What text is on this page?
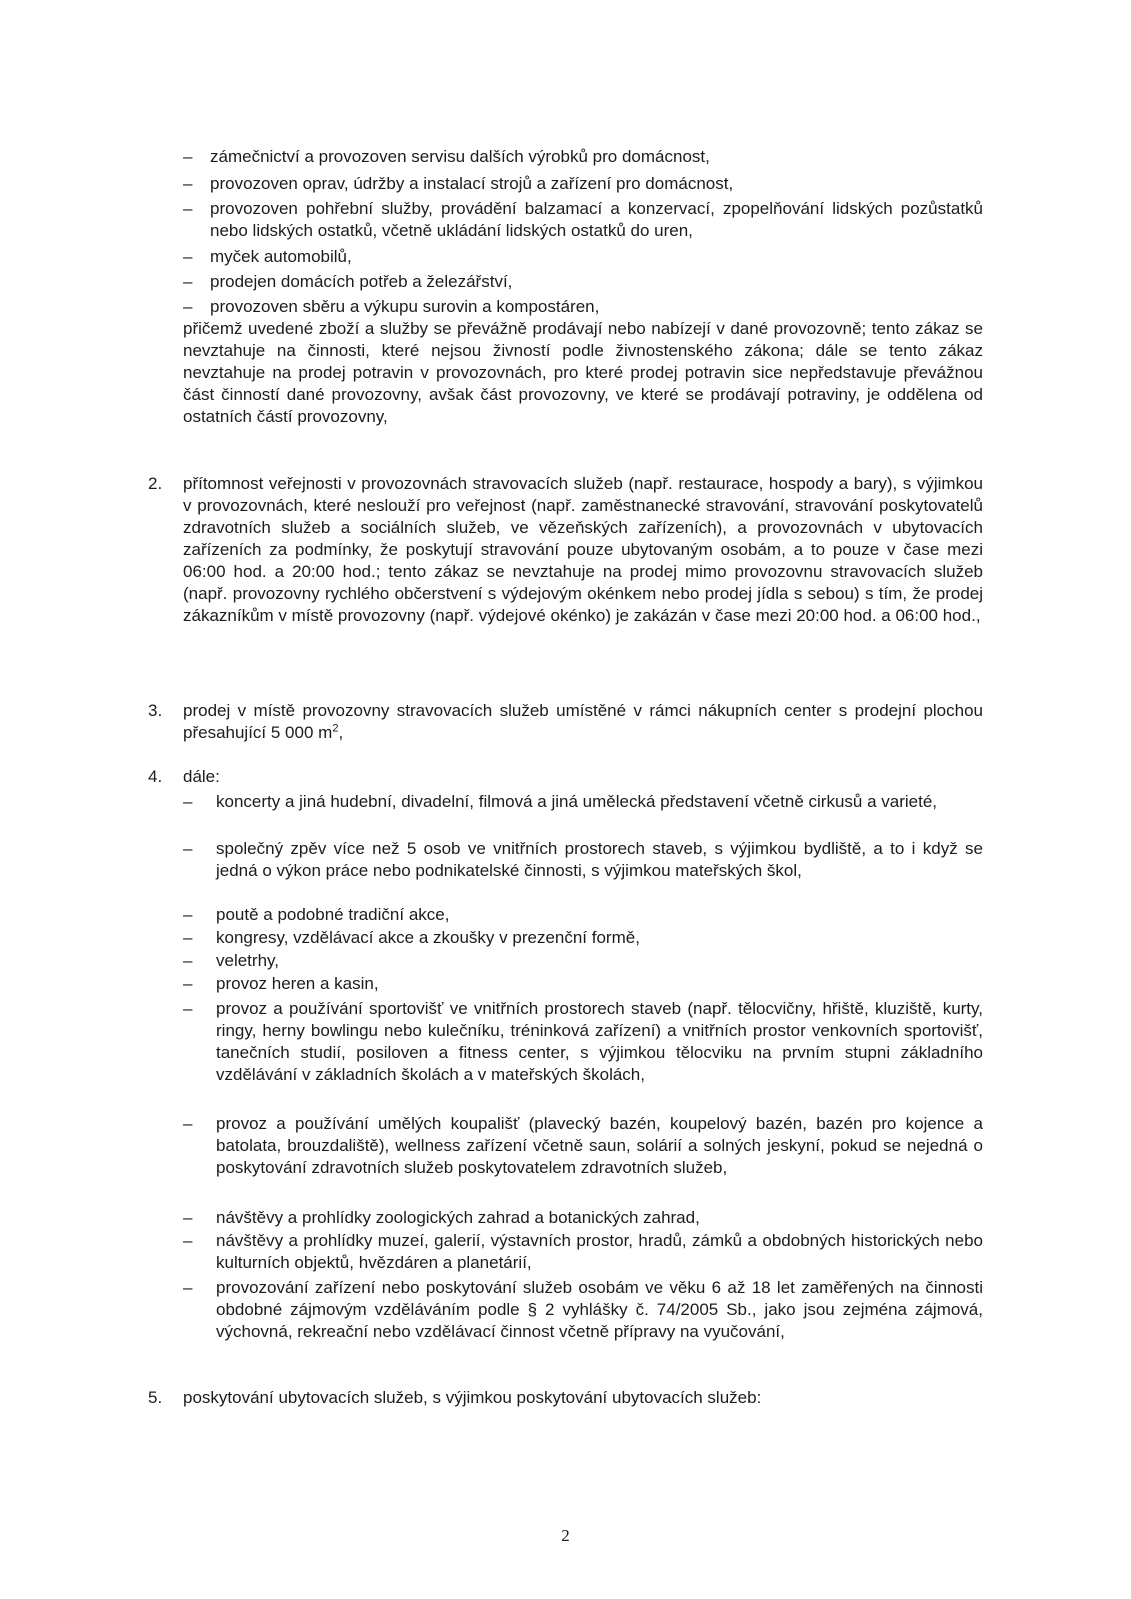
– zámečnictví a provozoven servisu dalších výrobků pro domácnost,
– provozoven oprav, údržby a instalací strojů a zařízení pro domácnost,
– provozoven pohřební služby, provádění balzamací a konzervací, zpopelňování lidských pozůstatků nebo lidských ostatků, včetně ukládání lidských ostatků do uren,
– myček automobilů,
– prodejen domácích potřeb a železářství,
– provozoven sběru a výkupu surovin a kompostáren,
přičemž uvedené zboží a služby se převážně prodávají nebo nabízejí v dané provozovně; tento zákaz se nevztahuje na činnosti, které nejsou živností podle živnostenského zákona; dále se tento zákaz nevztahuje na prodej potravin v provozovnách, pro které prodej potravin sice nepředstavuje převážnou část činností dané provozovny, avšak část provozovny, ve které se prodávají potraviny, je oddělena od ostatních částí provozovny,
2. přítomnost veřejnosti v provozovnách stravovacích služeb (např. restaurace, hospody a bary), s výjimkou v provozovnách, které neslouží pro veřejnost (např. zaměstnanecké stravování, stravování poskytovatelů zdravotních služeb a sociálních služeb, ve vězeňských zařízeních), a provozovnách v ubytovacích zařízeních za podmínky, že poskytují stravování pouze ubytovaným osobám, a to pouze v čase mezi 06:00 hod. a 20:00 hod.; tento zákaz se nevztahuje na prodej mimo provozovnu stravovacích služeb (např. provozovny rychlého občerstvení s výdejovým okénkem nebo prodej jídla s sebou) s tím, že prodej zákazníkům v místě provozovny (např. výdejové okénko) je zakázán v čase mezi 20:00 hod. a 06:00 hod.,
3. prodej v místě provozovny stravovacích služeb umístěné v rámci nákupních center s prodejní plochou přesahující 5 000 $m^2$,
4. dále:
– koncerty a jiná hudební, divadelní, filmová a jiná umělecká představení včetně cirkusů a varieté,
– společný zpěv více než 5 osob ve vnitřních prostorech staveb, s výjimkou bydliště, a to i když se jedná o výkon práce nebo podnikatelské činnosti, s výjimkou mateřských škol,
– poutě a podobné tradiční akce,
– kongresy, vzdělávací akce a zkoušky v prezenční formě,
– veletrhy,
– provoz heren a kasin,
– provoz a používání sportovišť ve vnitřních prostorech staveb (např. tělocvičny, hřiště, kluziště, kurty, ringy, herny bowlingu nebo kulečníku, tréninková zařízení) a vnitřních prostor venkovních sportovišť, tanečních studií, posiloven a fitness center, s výjimkou tělocviku na prvním stupni základního vzdělávání v základních školách a v mateřských školách,
– provoz a používání umělých koupališť (plavecký bazén, koupelový bazén, bazén pro kojence a batolata, brouzdaliště), wellness zařízení včetně saun, solárií a solných jeskyní, pokud se nejedná o poskytování zdravotních služeb poskytovatelem zdravotních služeb,
– návštěvy a prohlídky zoologických zahrad a botanických zahrad,
– návštěvy a prohlídky muzeí, galerií, výstavních prostor, hradů, zámků a obdobných historických nebo kulturních objektů, hvězdáren a planetárií,
– provozování zařízení nebo poskytování služeb osobám ve věku 6 až 18 let zaměřených na činnosti obdobné zájmovým vzděláváním podle § 2 vyhlášky č. 74/2005 Sb., jako jsou zejména zájmová, výchovná, rekreační nebo vzdělávací činnost včetně přípravy na vyučování,
5. poskytování ubytovacích služeb, s výjimkou poskytování ubytovacích služeb:
2
